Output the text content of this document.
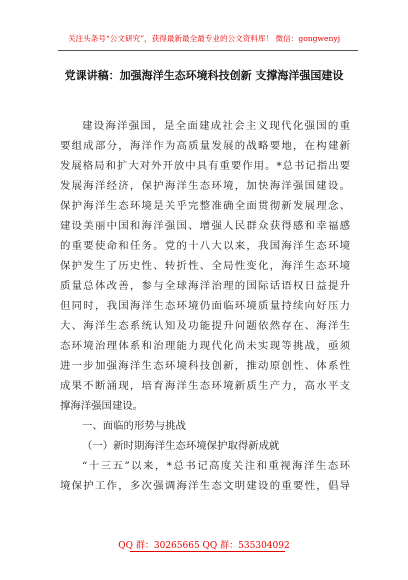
关注头条号“公文研究”，获得最新最全最专业的公文资料库！ 微信：gongwenyj
党课讲稿：加强海洋生态环境科技创新 支撑海洋强国建设
建设海洋强国，是全面建成社会主义现代化强国的重
要组成部分，海洋作为高质量发展的战略要地，在构建新
发展格局和扩大对外开放中具有重要作用。*总书记指出要
发展海洋经济，保护海洋生态环境，加快海洋强国建设。
保护海洋生态环境是关乎完整准确全面贯彻新发展理念、
建设美丽中国和海洋强国、增强人民群众获得感和幸福感
的重要使命和任务。党的十八大以来，我国海洋生态环境
保护发生了历史性、转折性、全局性变化，海洋生态环境
质量总体改善，参与全球海洋治理的国际话语权日益提升
但同时，我国海洋生态环境仍面临环境质量持续向好压力
大、海洋生态系统认知及功能提升问题依然存在、海洋生
态环境治理体系和治理能力现代化尚未实现等挑战，亟须
进一步加强海洋生态环境科技创新，推动原创性、体系性
成果不断涌现，培育海洋生态环境新质生产力，高水平支
撑海洋强国建设。
一、面临的形势与挑战
（一）新时期海洋生态环境保护取得新成就
“十三五”以来，*总书记高度关注和重视海洋生态环
境保护工作，多次强调海洋生态文明建设的重要性，倡导
QQ 群：30265665 QQ 群：535304092
